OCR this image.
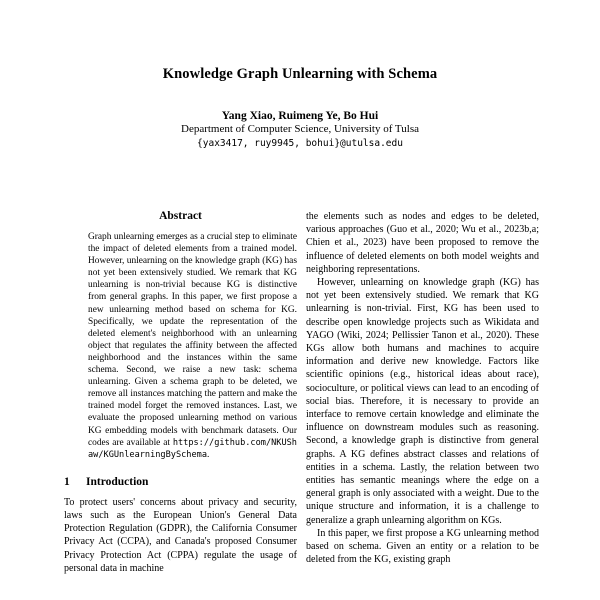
Knowledge Graph Unlearning with Schema
Yang Xiao, Ruimeng Ye, Bo Hui
Department of Computer Science, University of Tulsa
{yax3417, ruy9945, bohui}@utulsa.edu
Abstract
Graph unlearning emerges as a crucial step to eliminate the impact of deleted elements from a trained model. However, unlearning on the knowledge graph (KG) has not yet been extensively studied. We remark that KG unlearning is non-trivial because KG is distinctive from general graphs. In this paper, we first propose a new unlearning method based on schema for KG. Specifically, we update the representation of the deleted element's neighborhood with an unlearning object that regulates the affinity between the affected neighborhood and the instances within the same schema. Second, we raise a new task: schema unlearning. Given a schema graph to be deleted, we remove all instances matching the pattern and make the trained model forget the removed instances. Last, we evaluate the proposed unlearning method on various KG embedding models with benchmark datasets. Our codes are available at https://github.com/NKUShaw/KGUnlearningBySchema.
1 Introduction

To protect users' concerns about privacy and security, laws such as the European Union's General Data Protection Regulation (GDPR), the California Consumer Privacy Act (CCPA), and Canada's proposed Consumer Privacy Protection Act (CPPA) regulate the usage of personal data in machine

the elements such as nodes and edges to be deleted, various approaches (Guo et al., 2020; Wu et al., 2023b,a; Chien et al., 2023) have been proposed to remove the influence of deleted elements on both model weights and neighboring representations.

However, unlearning on knowledge graph (KG) has not yet been extensively studied. We remark that KG unlearning is non-trivial. First, KG has been used to describe open knowledge projects such as Wikidata and YAGO (Wiki, 2024; Pellissier Tanon et al., 2020). These KGs allow both humans and machines to acquire information and derive new knowledge. Factors like scientific opinions (e.g., historical ideas about race), socioculture, or political views can lead to an encoding of social bias. Therefore, it is necessary to provide an interface to remove certain knowledge and eliminate the influence on downstream modules such as reasoning. Second, a knowledge graph is distinctive from general graphs. A KG defines abstract classes and relations of entities in a schema. Lastly, the relation between two entities has semantic meanings where the edge on a general graph is only associated with a weight. Due to the unique structure and information, it is a challenge to generalize a graph unlearning algorithm on KGs.

In this paper, we first propose a KG unlearning method based on schema. Given an entity or a relation to be deleted from the KG, existing graph
